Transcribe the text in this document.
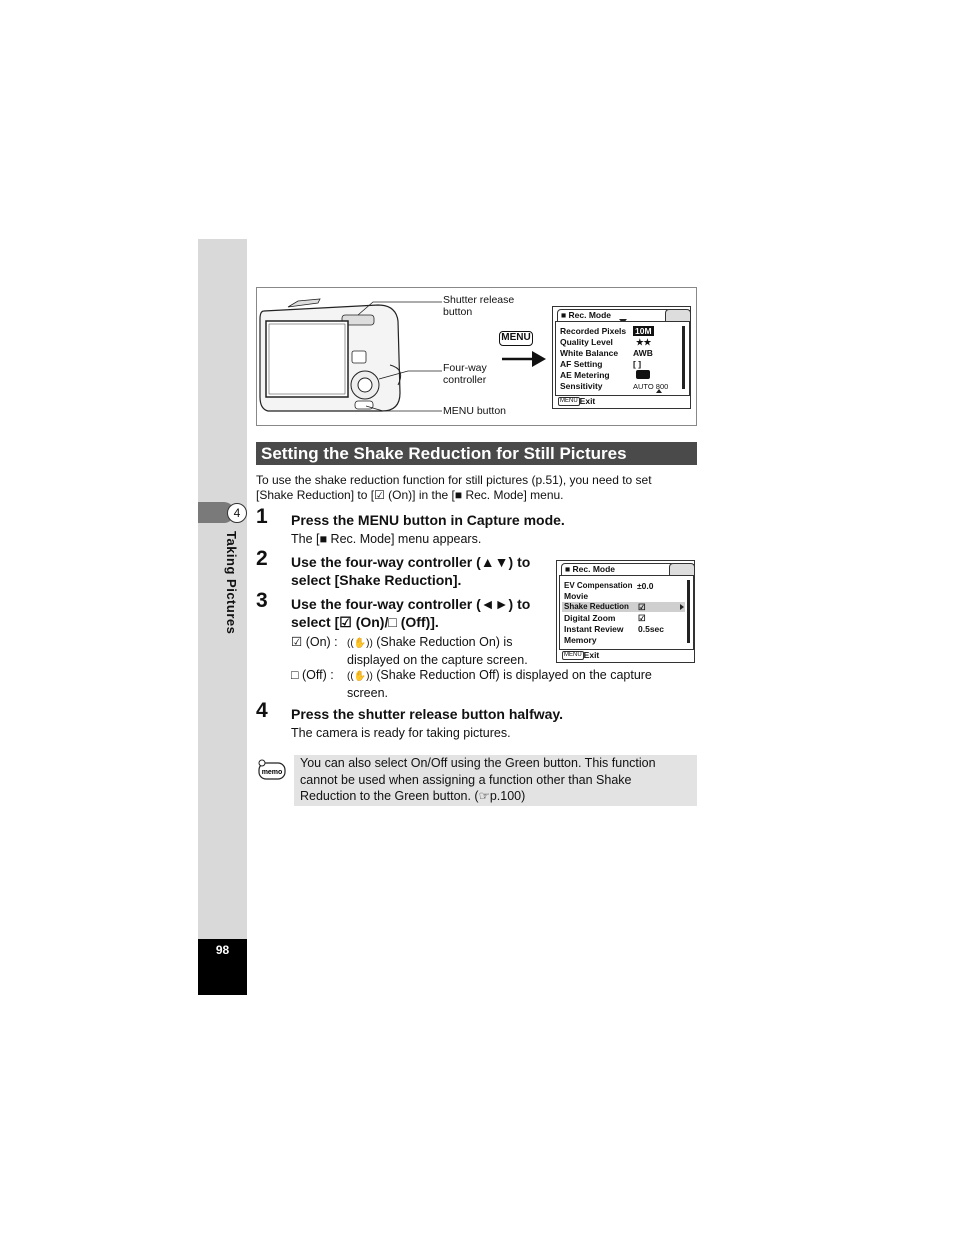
4
Taking Pictures
98
Shutter release
button
Four-way
controller
MENU button
MENU
■ Rec. Mode
Recorded Pixels 10M
Quality Level	★★
White Balance AWB
AF Setting	[ ]
AE Metering
Sensitivity	AUTO 800
MENU Exit
Setting the Shake Reduction for Still Pictures
To use the shake reduction function for still pictures (p.51), you need to set
[Shake Reduction] to [☑ (On)] in the [■ Rec. Mode] menu.
1 Press the MENU button in Capture mode.
The [■ Rec. Mode] menu appears.
2 Use the four-way controller (▲▼) to
select [Shake Reduction].
3 Use the four-way controller (◄►) to
select [☑ (On)/□ (Off)].
☑ (On) : ((✋)) (Shake Reduction On) is
displayed on the capture screen.
□ (Off) : ((✋)) (Shake Reduction Off) is displayed on the capture
screen.
■ Rec. Mode
EV Compensation ±0.0
Movie
Shake Reduction ☑
Digital Zoom	☑
Instant Review 0.5sec
Memory
MENU Exit
4 Press the shutter release button halfway.
The camera is ready for taking pictures.
memo
You can also select On/Off using the Green button. This function
cannot be used when assigning a function other than Shake
Reduction to the Green button. (☞p.100)
